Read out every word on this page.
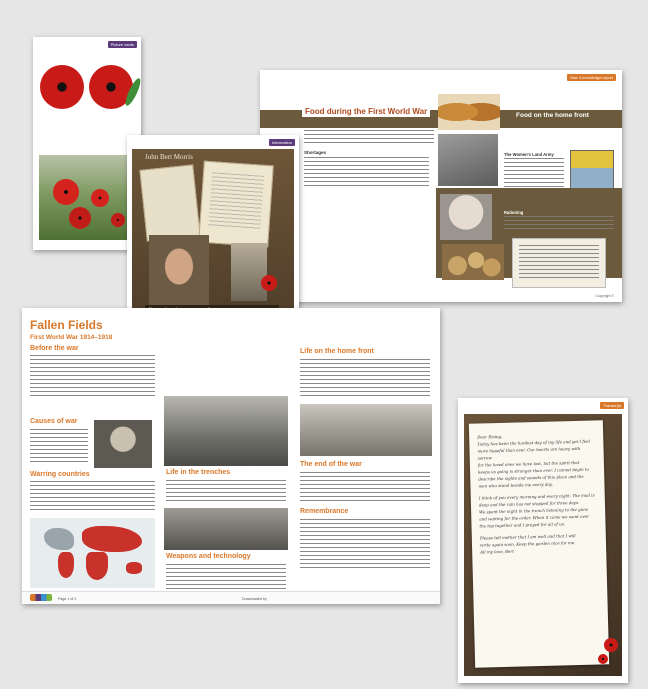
Picture cards
Year 4 knowledge report
Food during the First World War	Food on the home front
Shortages	The Women's Land Army
Rationing
Copyright ©
Information
John Bert Morris
Fallen Fields
First World War 1914–1918
Before the war
Causes of war
Warring countries	Life in the trenches
Weapons and technology
Life on the home front
The end of the war
Remembrance
Page 1 of 2	Downloaded by
Transcript
Dear Rising,
Today has been the hardest day of my life and yet I feel
more hopeful than ever. Our hearts are heavy with sorrow
for the loved ones we have lost, but the spirit that
keeps us going is stronger than ever. I cannot begin to
describe the sights and sounds of this place and the
men who stand beside me every day.
I think of you every morning and every night. The mud is
deep and the rain has not stopped for three days.
We spent the night in the trench listening to the guns
and waiting for the order. When it came we went over
the top together and I prayed for all of us.
Please tell mother that I am well and that I will
write again soon. Keep the garden nice for me.
All my love, Bert
